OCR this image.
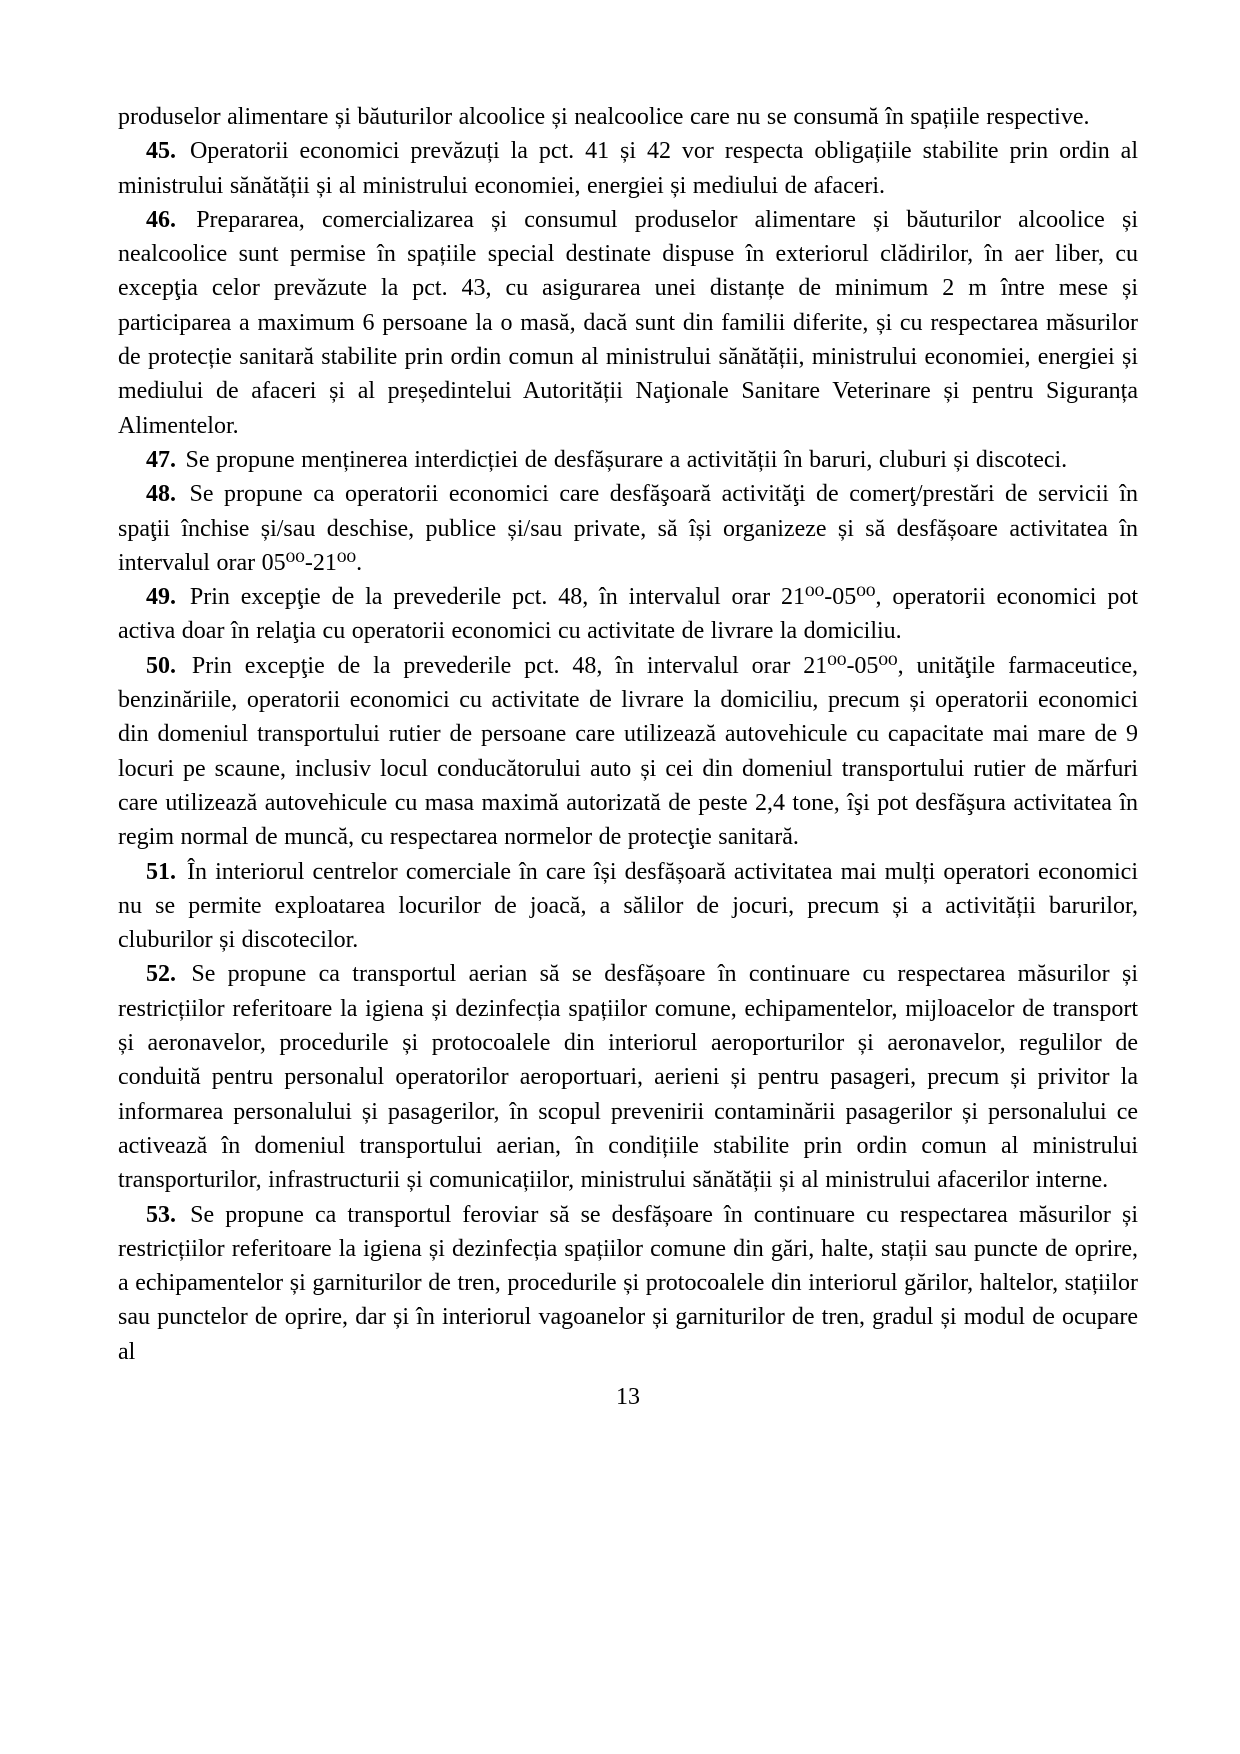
produselor alimentare și băuturilor alcoolice și nealcoolice care nu se consumă în spațiile respective.

45. Operatorii economici prevăzuți la pct. 41 și 42 vor respecta obligațiile stabilite prin ordin al ministrului sănătății și al ministrului economiei, energiei și mediului de afaceri.

46. Prepararea, comercializarea și consumul produselor alimentare și băuturilor alcoolice și nealcoolice sunt permise în spațiile special destinate dispuse în exteriorul clădirilor, în aer liber, cu excepţia celor prevăzute la pct. 43, cu asigurarea unei distanțe de minimum 2 m între mese și participarea a maximum 6 persoane la o masă, dacă sunt din familii diferite, și cu respectarea măsurilor de protecție sanitară stabilite prin ordin comun al ministrului sănătății, ministrului economiei, energiei și mediului de afaceri și al președintelui Autorității Naţionale Sanitare Veterinare și pentru Siguranța Alimentelor.

47. Se propune menținerea interdicției de desfășurare a activității în baruri, cluburi și discoteci.

48. Se propune ca operatorii economici care desfăşoară activităţi de comerţ/prestări de servicii în spaţii închise și/sau deschise, publice și/sau private, să își organizeze și să desfășoare activitatea în intervalul orar 05⁰⁰-21⁰⁰.

49. Prin excepţie de la prevederile pct. 48, în intervalul orar 21⁰⁰-05⁰⁰, operatorii economici pot activa doar în relaţia cu operatorii economici cu activitate de livrare la domiciliu.

50. Prin excepţie de la prevederile pct. 48, în intervalul orar 21⁰⁰-05⁰⁰, unităţile farmaceutice, benzinăriile, operatorii economici cu activitate de livrare la domiciliu, precum și operatorii economici din domeniul transportului rutier de persoane care utilizează autovehicule cu capacitate mai mare de 9 locuri pe scaune, inclusiv locul conducătorului auto și cei din domeniul transportului rutier de mărfuri care utilizează autovehicule cu masa maximă autorizată de peste 2,4 tone, îşi pot desfăşura activitatea în regim normal de muncă, cu respectarea normelor de protecţie sanitară.

51. În interiorul centrelor comerciale în care își desfășoară activitatea mai mulți operatori economici nu se permite exploatarea locurilor de joacă, a sălilor de jocuri, precum și a activității barurilor, cluburilor și discotecilor.

52. Se propune ca transportul aerian să se desfășoare în continuare cu respectarea măsurilor și restricțiilor referitoare la igiena și dezinfecția spațiilor comune, echipamentelor, mijloacelor de transport și aeronavelor, procedurile și protocoalele din interiorul aeroporturilor și aeronavelor, regulilor de conduită pentru personalul operatorilor aeroportuari, aerieni și pentru pasageri, precum și privitor la informarea personalului și pasagerilor, în scopul prevenirii contaminării pasagerilor și personalului ce activează în domeniul transportului aerian, în condițiile stabilite prin ordin comun al ministrului transporturilor, infrastructurii și comunicațiilor, ministrului sănătății și al ministrului afacerilor interne.

53. Se propune ca transportul feroviar să se desfășoare în continuare cu respectarea măsurilor și restricțiilor referitoare la igiena și dezinfecția spațiilor comune din gări, halte, stații sau puncte de oprire, a echipamentelor și garniturilor de tren, procedurile și protocoalele din interiorul gărilor, haltelor, stațiilor sau punctelor de oprire, dar și în interiorul vagoanelor și garniturilor de tren, gradul și modul de ocupare al

13
